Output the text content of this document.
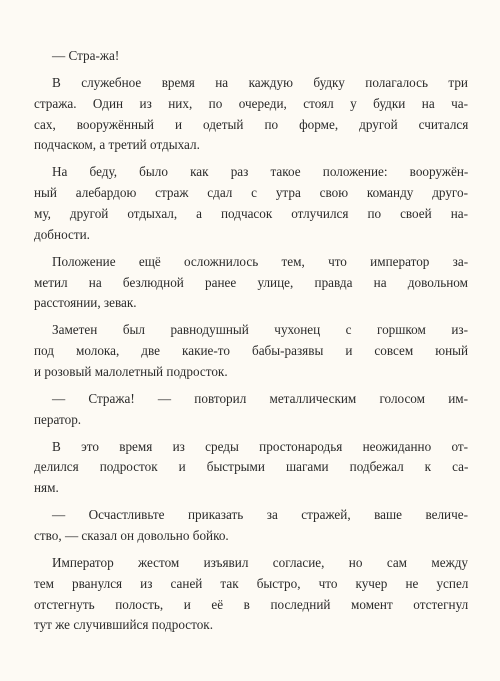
— Стра-жа!

В служебное время на каждую будку полагалось три
стража. Один из них, по очереди, стоял у будки на ча-
сах, вооружённый и одетый по форме, другой считался
подчаском, а третий отдыхал.

На беду, было как раз такое положение: вооружён-
ный алебардою страж сдал с утра свою команду друго-
му, другой отдыхал, а подчасок отлучился по своей на-
добности.

Положение ещё осложнилось тем, что император за-
метил на безлюдной ранее улице, правда на довольном
расстоянии, зевак.

Заметен был равнодушный чухонец с горшком из-
под молока, две какие-то бабы-разявы и совсем юный
и розовый малолетный подросток.

— Стража! — повторил металлическим голосом им-
ператор.

В это время из среды простонародья неожиданно от-
делился подросток и быстрыми шагами подбежал к са-
ням.

— Осчастливьте приказать за стражей, ваше величе-
ство, — сказал он довольно бойко.

Император жестом изъявил согласие, но сам между
тем рванулся из саней так быстро, что кучер не успел
отстегнуть полость, и её в последний момент отстегнул
тут же случившийся подросток.
